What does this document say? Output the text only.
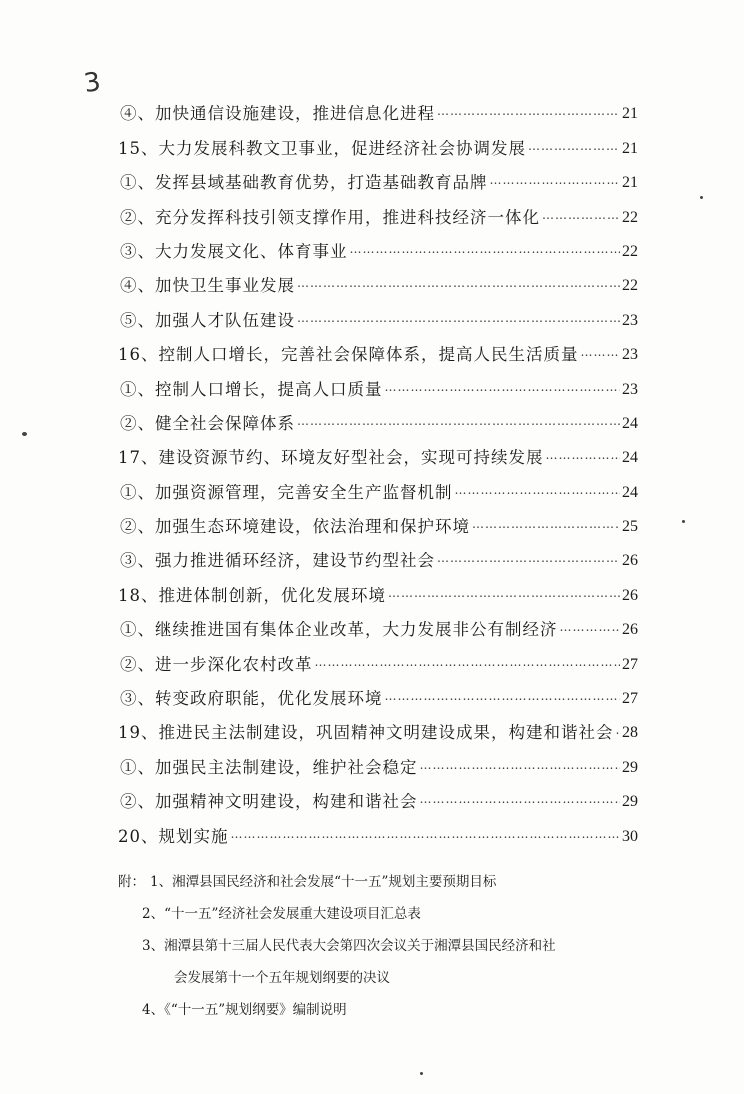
3
④、加快通信设施建设，推进信息化进程 ……………………………………………………………………………………………………………………………………	21
15、大力发展科教文卫事业，促进经济社会协调发展 ……………………………………………………………………………………………………………………………………	21
①、发挥县域基础教育优势，打造基础教育品牌 ……………………………………………………………………………………………………………………………………	21
②、充分发挥科技引领支撑作用，推进科技经济一体化 ……………………………………………………………………………………………………………………………………	22
③、大力发展文化、体育事业 ……………………………………………………………………………………………………………………………………	22
④、加快卫生事业发展 ……………………………………………………………………………………………………………………………………	22
⑤、加强人才队伍建设 ……………………………………………………………………………………………………………………………………	23
16、控制人口增长，完善社会保障体系，提高人民生活质量 ……………………………………………………………………………………………………………………………………	23
①、控制人口增长，提高人口质量 ……………………………………………………………………………………………………………………………………	23
②、健全社会保障体系 ……………………………………………………………………………………………………………………………………	24
17、建设资源节约、环境友好型社会，实现可持续发展 ……………………………………………………………………………………………………………………………………	24
①、加强资源管理，完善安全生产监督机制 ……………………………………………………………………………………………………………………………………	24
②、加强生态环境建设，依法治理和保护环境 ……………………………………………………………………………………………………………………………………	25
③、强力推进循环经济，建设节约型社会 ……………………………………………………………………………………………………………………………………	26
18、推进体制创新，优化发展环境 ……………………………………………………………………………………………………………………………………	26
①、继续推进国有集体企业改革，大力发展非公有制经济 ……………………………………………………………………………………………………………………………………	26
②、进一步深化农村改革 ……………………………………………………………………………………………………………………………………	27
③、转变政府职能，优化发展环境 ……………………………………………………………………………………………………………………………………	27
19、推进民主法制建设，巩固精神文明建设成果，构建和谐社会 …………………………………………………………………………………………………………………………………… 28
①、加强民主法制建设，维护社会稳定 ……………………………………………………………………………………………………………………………………	29
②、加强精神文明建设，构建和谐社会 ……………………………………………………………………………………………………………………………………	29
20、规划实施 ……………………………………………………………………………………………………………………………………	30
附： 1、湘潭县国民经济和社会发展“十一五”规划主要预期目标
2、“十一五”经济社会发展重大建设项目汇总表
3、湘潭县第十三届人民代表大会第四次会议关于湘潭县国民经济和社
会发展第十一个五年规划纲要的决议
4、《“十一五”规划纲要》编制说明
